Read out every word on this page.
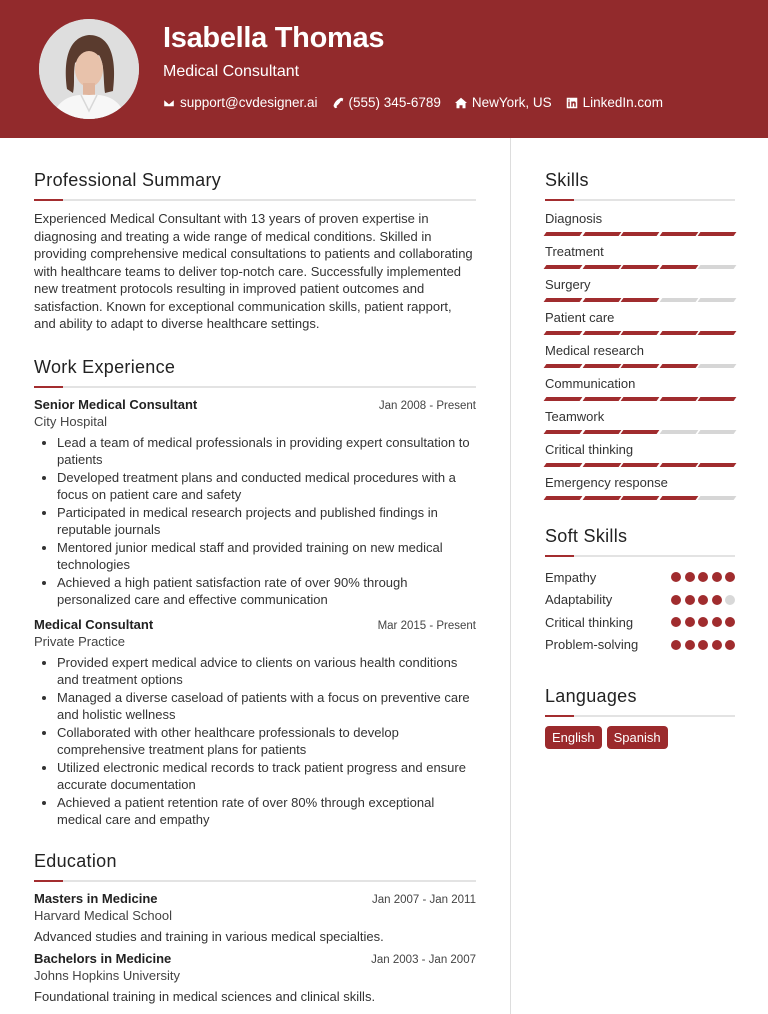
Isabella Thomas
Medical Consultant
support@cvdesigner.ai (555) 345-6789 NewYork, US LinkedIn.com
Professional Summary

Experienced Medical Consultant with 13 years of proven expertise in diagnosing and treating a wide range of medical conditions. Skilled in providing comprehensive medical consultations to patients and collaborating with healthcare teams to deliver top-notch care. Successfully implemented new treatment protocols resulting in improved patient outcomes and satisfaction. Known for exceptional communication skills, patient rapport, and ability to adapt to diverse healthcare settings.

Work Experience
Senior Medical Consultant	Jan 2008 - Present
City Hospital
Lead a team of medical professionals in providing expert consultation to patients
Developed treatment plans and conducted medical procedures with a focus on patient care and safety
Participated in medical research projects and published findings in reputable journals
Mentored junior medical staff and provided training on new medical technologies
Achieved a high patient satisfaction rate of over 90% through personalized care and effective communication
Medical Consultant	Mar 2015 - Present
Private Practice
Provided expert medical advice to clients on various health conditions and treatment options
Managed a diverse caseload of patients with a focus on preventive care and holistic wellness
Collaborated with other healthcare professionals to develop comprehensive treatment plans for patients
Utilized electronic medical records to track patient progress and ensure accurate documentation
Achieved a patient retention rate of over 80% through exceptional medical care and empathy
Education
Masters in Medicine	Jan 2007 - Jan 2011
Harvard Medical School
Advanced studies and training in various medical specialties.
Bachelors in Medicine	Jan 2003 - Jan 2007
Johns Hopkins University
Foundational training in medical sciences and clinical skills.
Skills
Diagnosis
Treatment
Surgery
Patient care
Medical research
Communication
Teamwork
Critical thinking
Emergency response
Soft Skills
Empathy
Adaptability
Critical thinking
Problem-solving
Languages
English	Spanish
